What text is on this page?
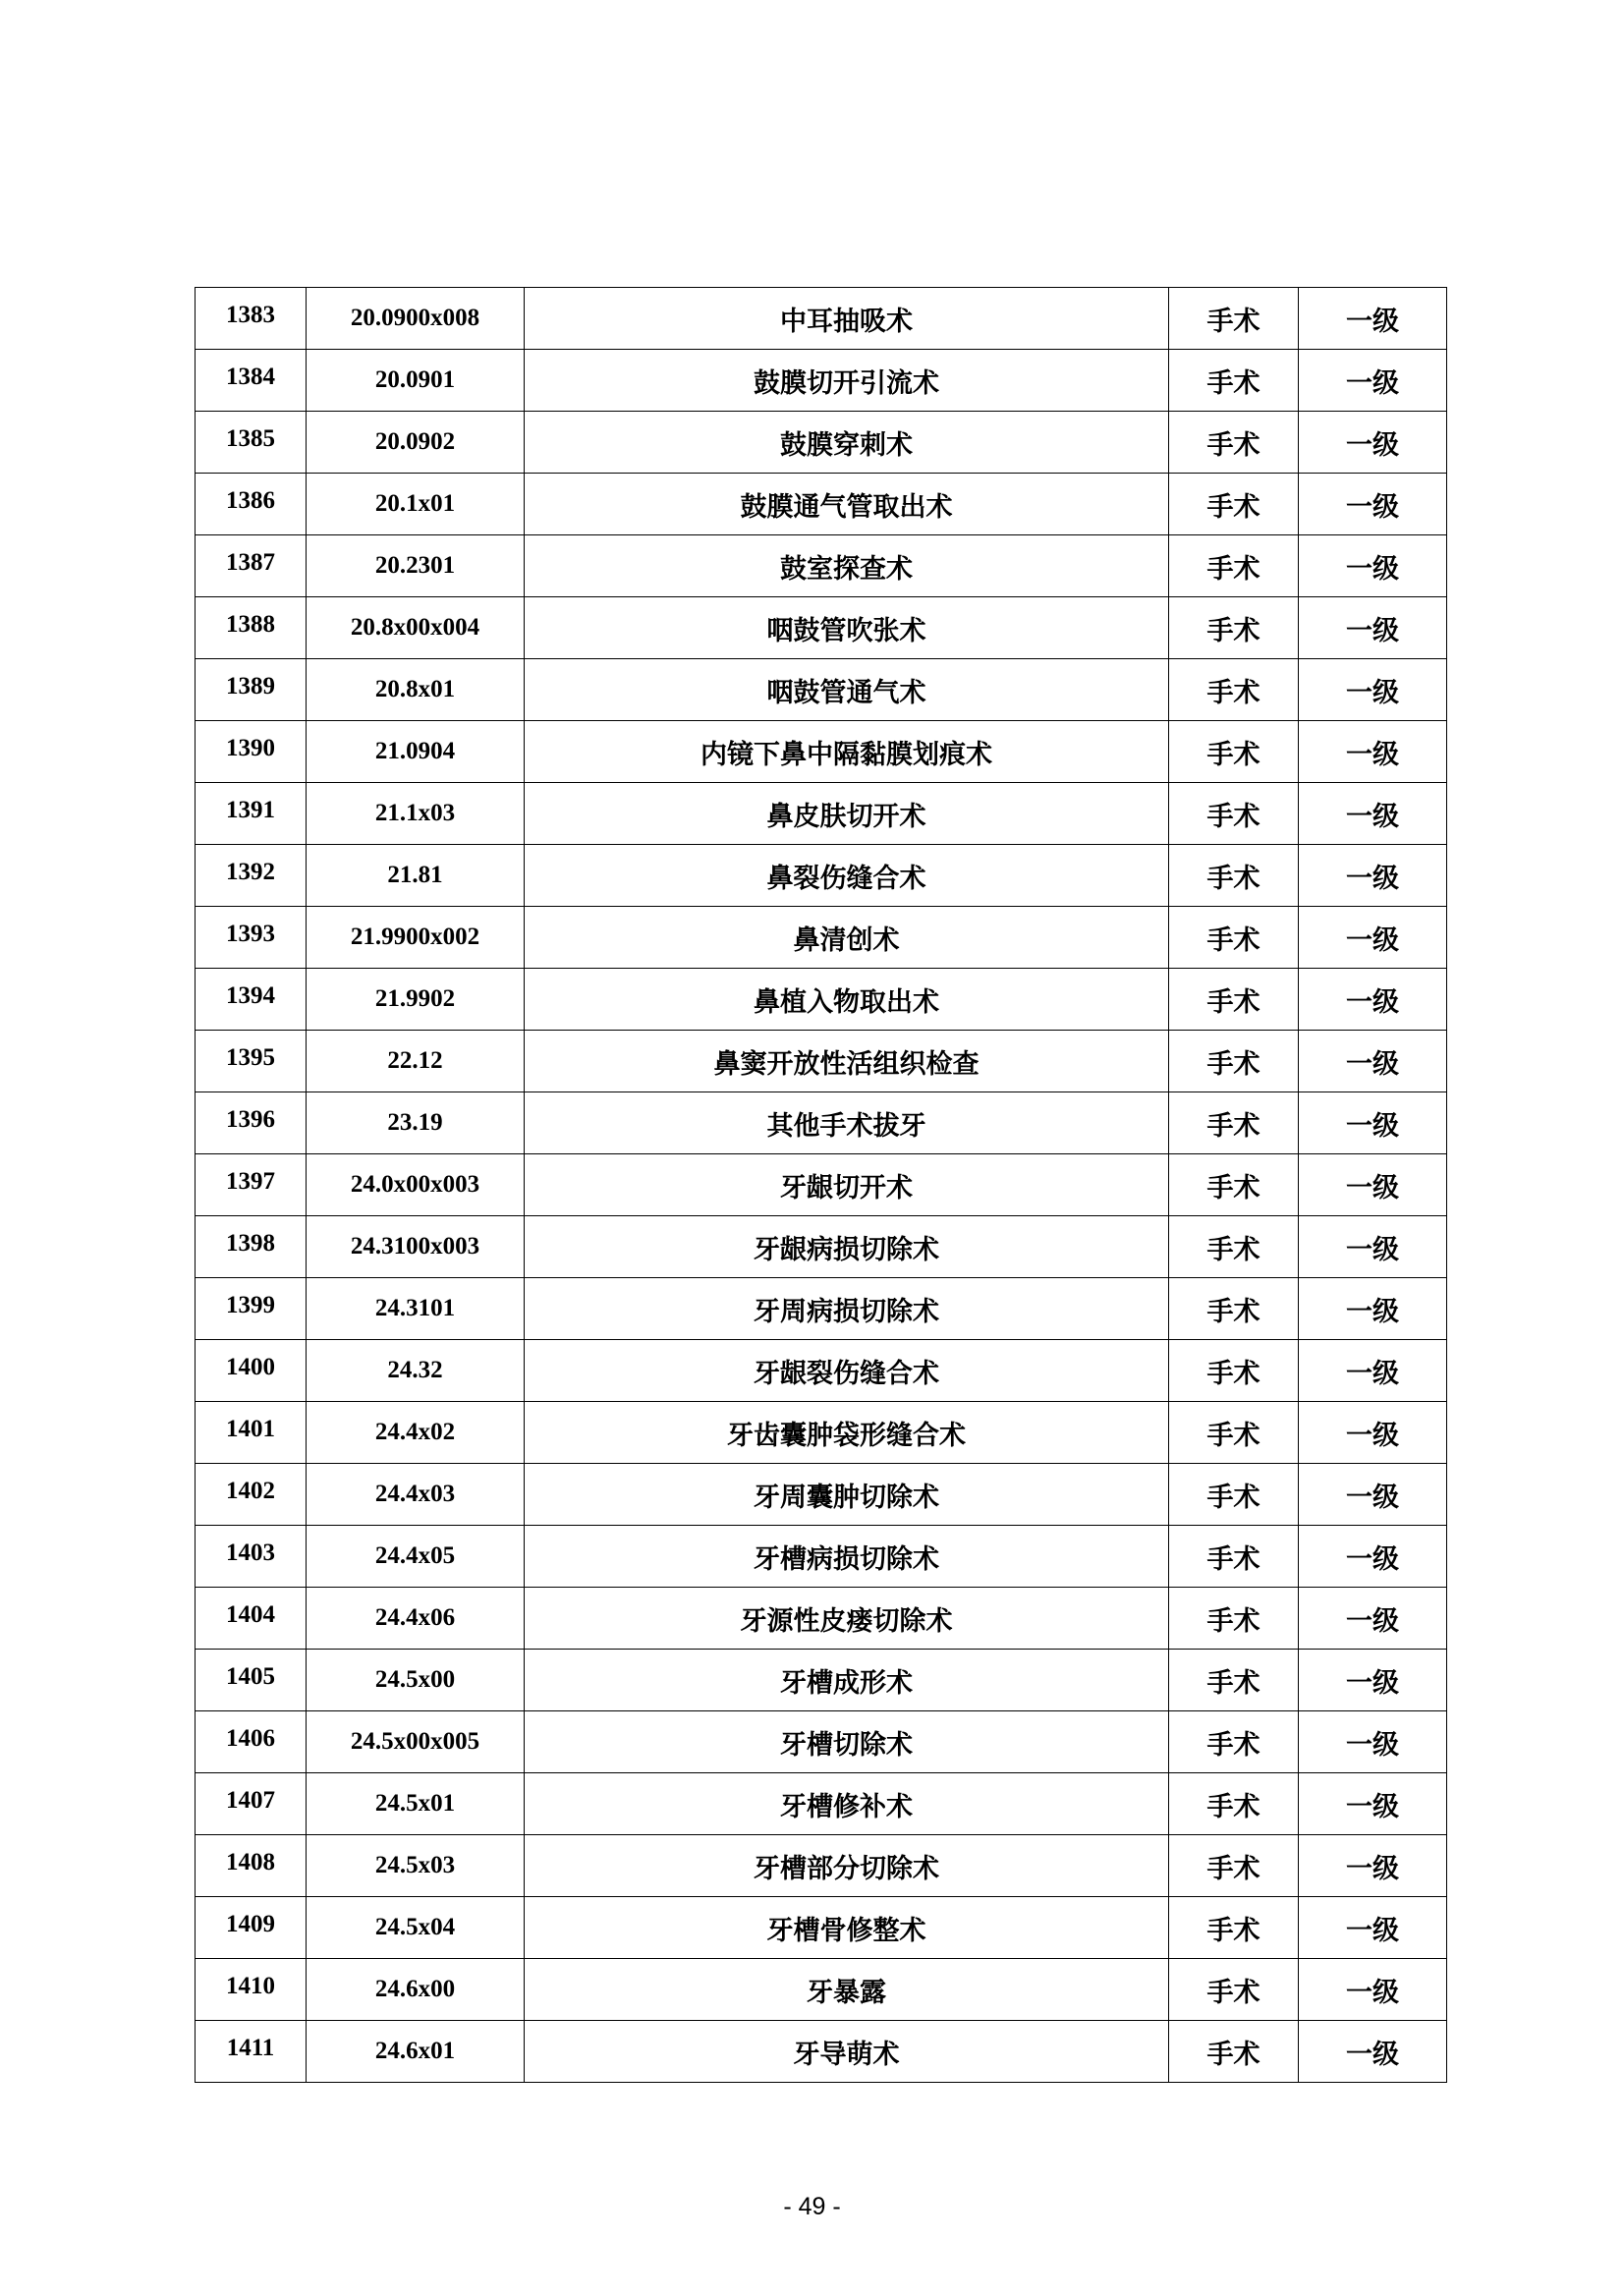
1383	20.0900x008	中耳抽吸术	手术	一级
1384	20.0901	鼓膜切开引流术	手术	一级
1385	20.0902	鼓膜穿刺术	手术	一级
1386	20.1x01	鼓膜通气管取出术	手术	一级
1387	20.2301	鼓室探查术	手术	一级
1388	20.8x00x004	咽鼓管吹张术	手术	一级
1389	20.8x01	咽鼓管通气术	手术	一级
1390	21.0904	内镜下鼻中隔黏膜划痕术	手术	一级
1391	21.1x03	鼻皮肤切开术	手术	一级
1392	21.81	鼻裂伤缝合术	手术	一级
1393	21.9900x002	鼻清创术	手术	一级
1394	21.9902	鼻植入物取出术	手术	一级
1395	22.12	鼻窦开放性活组织检查	手术	一级
1396	23.19	其他手术拔牙	手术	一级
1397	24.0x00x003	牙龈切开术	手术	一级
1398	24.3100x003	牙龈病损切除术	手术	一级
1399	24.3101	牙周病损切除术	手术	一级
1400	24.32	牙龈裂伤缝合术	手术	一级
1401	24.4x02	牙齿囊肿袋形缝合术	手术	一级
1402	24.4x03	牙周囊肿切除术	手术	一级
1403	24.4x05	牙槽病损切除术	手术	一级
1404	24.4x06	牙源性皮瘘切除术	手术	一级
1405	24.5x00	牙槽成形术	手术	一级
1406	24.5x00x005	牙槽切除术	手术	一级
1407	24.5x01	牙槽修补术	手术	一级
1408	24.5x03	牙槽部分切除术	手术	一级
1409	24.5x04	牙槽骨修整术	手术	一级
1410	24.6x00	牙暴露	手术	一级
1411	24.6x01	牙导萌术	手术	一级
- 49 -
